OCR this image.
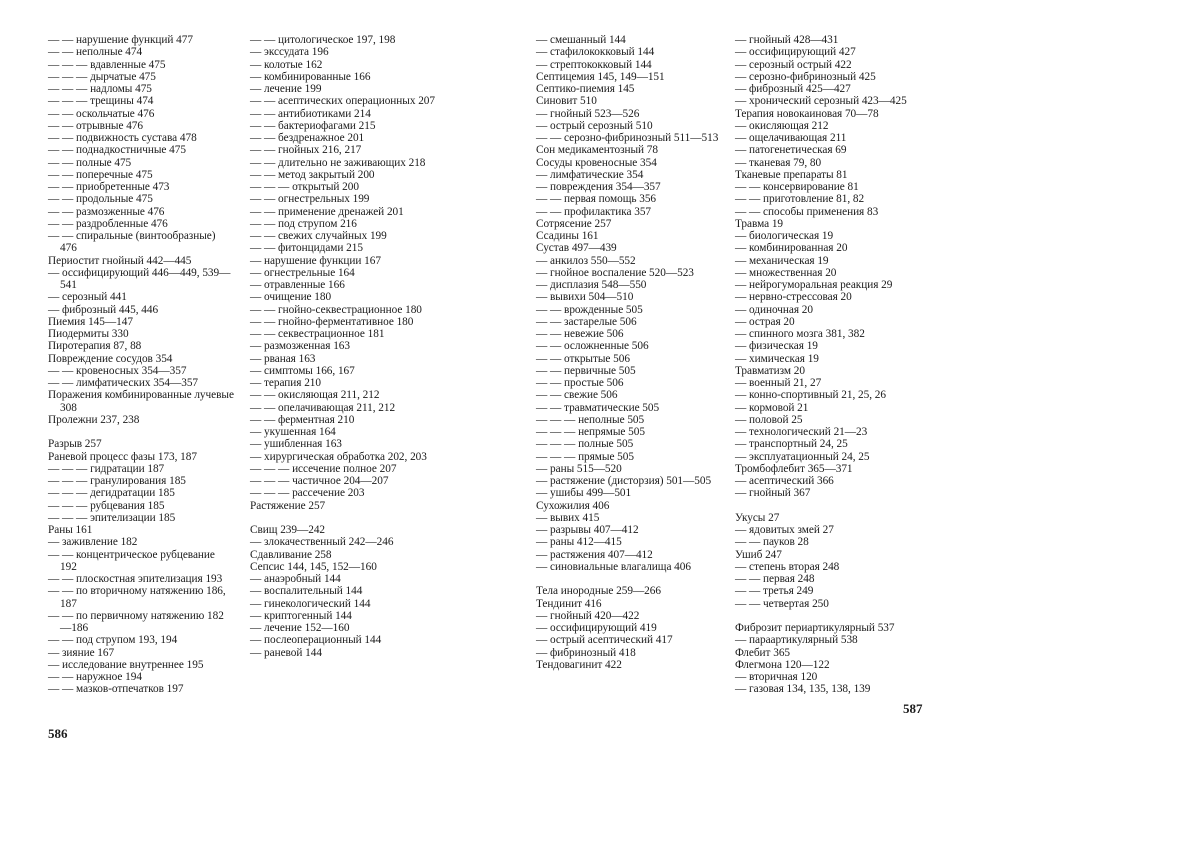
— — нарушение функций 477
— — неполные 474
— — — вдавленные 475
— — — дырчатые 475
— — — надломы 475
— — — трещины 474
— — оскольчатые 476
— — отрывные 476
— — подвижность сустава 478
— — поднадкостничные 475
— — полные 475
— — поперечные 475
— — приобретенные 473
— — продольные 475
— — размозженные 476
— — раздробленные 476
— — спиральные (винтообразные) 476
Периостит гнойный 442—445
— оссифицирующий 446—449, 539—541
— серозный 441
— фиброзный 445, 446
Пиемия 145—147
Пиодермиты 330
Пиротерапия 87, 88
Повреждение сосудов 354
— — кровеносных 354—357
— — лимфатических 354—357
Поражения комбинированные лучевые 308
Пролежни 237, 238
Разрыв 257
Раневой процесс фазы 173, 187
— — — гидратации 187
— — — гранулирования 185
— — — дегидратации 185
— — — рубцевания 185
— — — эпителизации 185
Раны 161
— заживление 182
— — концентрическое рубцевание 192
— — плоскостная эпителизация 193
— — по вторичному натяжению 186, 187
— — по первичному натяжению 182—186
— — под струпом 193, 194
— зияние 167
— исследование внутреннее 195
— — наружное 194
— — мазков-отпечатков 197
— — цитологическое 197, 198
— экссудата 196
— колотые 162
— комбинированные 166
— лечение 199
— — асептических операционных 207
— — антибиотиками 214
— — бактериофагами 215
— — бездренажное 201
— — гнойных 216, 217
— — длительно не заживающих 218
— — метод закрытый 200
— — — открытый 200
— — огнестрельных 199
— — применение дренажей 201
— — под струпом 216
— — свежих случайных 199
— — фитонцидами 215
— нарушение функции 167
— огнестрельные 164
— отравленные 166
— очищение 180
— — гнойно-секвестрационное 180
— — гнойно-ферментативное 180
— — секвестрационное 181
— размозженная 163
— рваная 163
— симптомы 166, 167
— терапия 210
— — окисляющая 211, 212
— — опелачивающая 211, 212
— — ферментная 210
— укушенная 164
— ушибленная 163
— хирургическая обработка 202, 203
— — — иссечение полное 207
— — — частичное 204—207
— — — рассечение 203
Растяжение 257
Свищ 239—242
— злокачественный 242—246
Сдавливание 258
Сепсис 144, 145, 152—160
— анаэробный 144
— воспалительный 144
— гинекологический 144
— криптогенный 144
— лечение 152—160
— послеоперационный 144
— раневой 144
— смешанный 144
— стафилококковый 144
— стрептококковый 144
Септицемия 145, 149—151
Септико-пиемия 145
Синовит 510
— гнойный 523—526
— острый серозный 510
— — серозно-фибринозный 511—513
Сон медикаментозный 78
Сосуды кровеносные 354
— лимфатические 354
— повреждения 354—357
— — первая помощь 356
— — профилактика 357
Сотрясение 257
Ссадины 161
Сустав 497—439
— анкилоз 550—552
— гнойное воспаление 520—523
— дисплазия 548—550
— вывихи 504—510
— — врожденные 505
— — застарелые 506
— — невежие 506
— — осложненные 506
— — открытые 506
— — первичные 505
— — простые 506
— — свежие 506
— — травматические 505
— — — неполные 505
— — — непрямые 505
— — — полные 505
— — — прямые 505
— раны 515—520
— растяжение (дисторзия) 501—505
— ушибы 499—501
Сухожилия 406
— вывих 415
— разрывы 407—412
— раны 412—415
— растяжения 407—412
— синовиальные влагалища 406
Тела инородные 259—266
Тендинит 416
— гнойный 420—422
— оссифицирующий 419
— острый асептический 417
— фибринозный 418
Тендовагинит 422
— гнойный 428—431
— оссифицирующий 427
— серозный острый 422
— серозно-фибринозный 425
— фиброзный 425—427
— хронический серозный 423—425
Терапия новокаиновая 70—78
— окисляющая 212
— ощелачивающая 211
— патогенетическая 69
— тканевая 79, 80
Тканевые препараты 81
— — консервирование 81
— — приготовление 81, 82
— — способы применения 83
Травма 19
— биологическая 19
— комбинированная 20
— механическая 19
— множественная 20
— нейрогуморальная реакция 29
— нервно-стрессовая 20
— одиночная 20
— острая 20
— спинного мозга 381, 382
— физическая 19
— химическая 19
Травматизм 20
— военный 21, 27
— конно-спортивный 21, 25, 26
— кормовой 21
— половой 25
— технологический 21—23
— транспортный 24, 25
— эксплуатационный 24, 25
Тромбофлебит 365—371
— асептический 366
— гнойный 367
Укусы 27
— ядовитых змей 27
— — пауков 28
Ушиб 247
— степень вторая 248
— — первая 248
— — третья 249
— — четвертая 250
Фиброзит периартикулярный 537
— параартикулярный 538
Флебит 365
Флегмона 120—122
— вторичная 120
— газовая 134, 135, 138, 139
586
587
